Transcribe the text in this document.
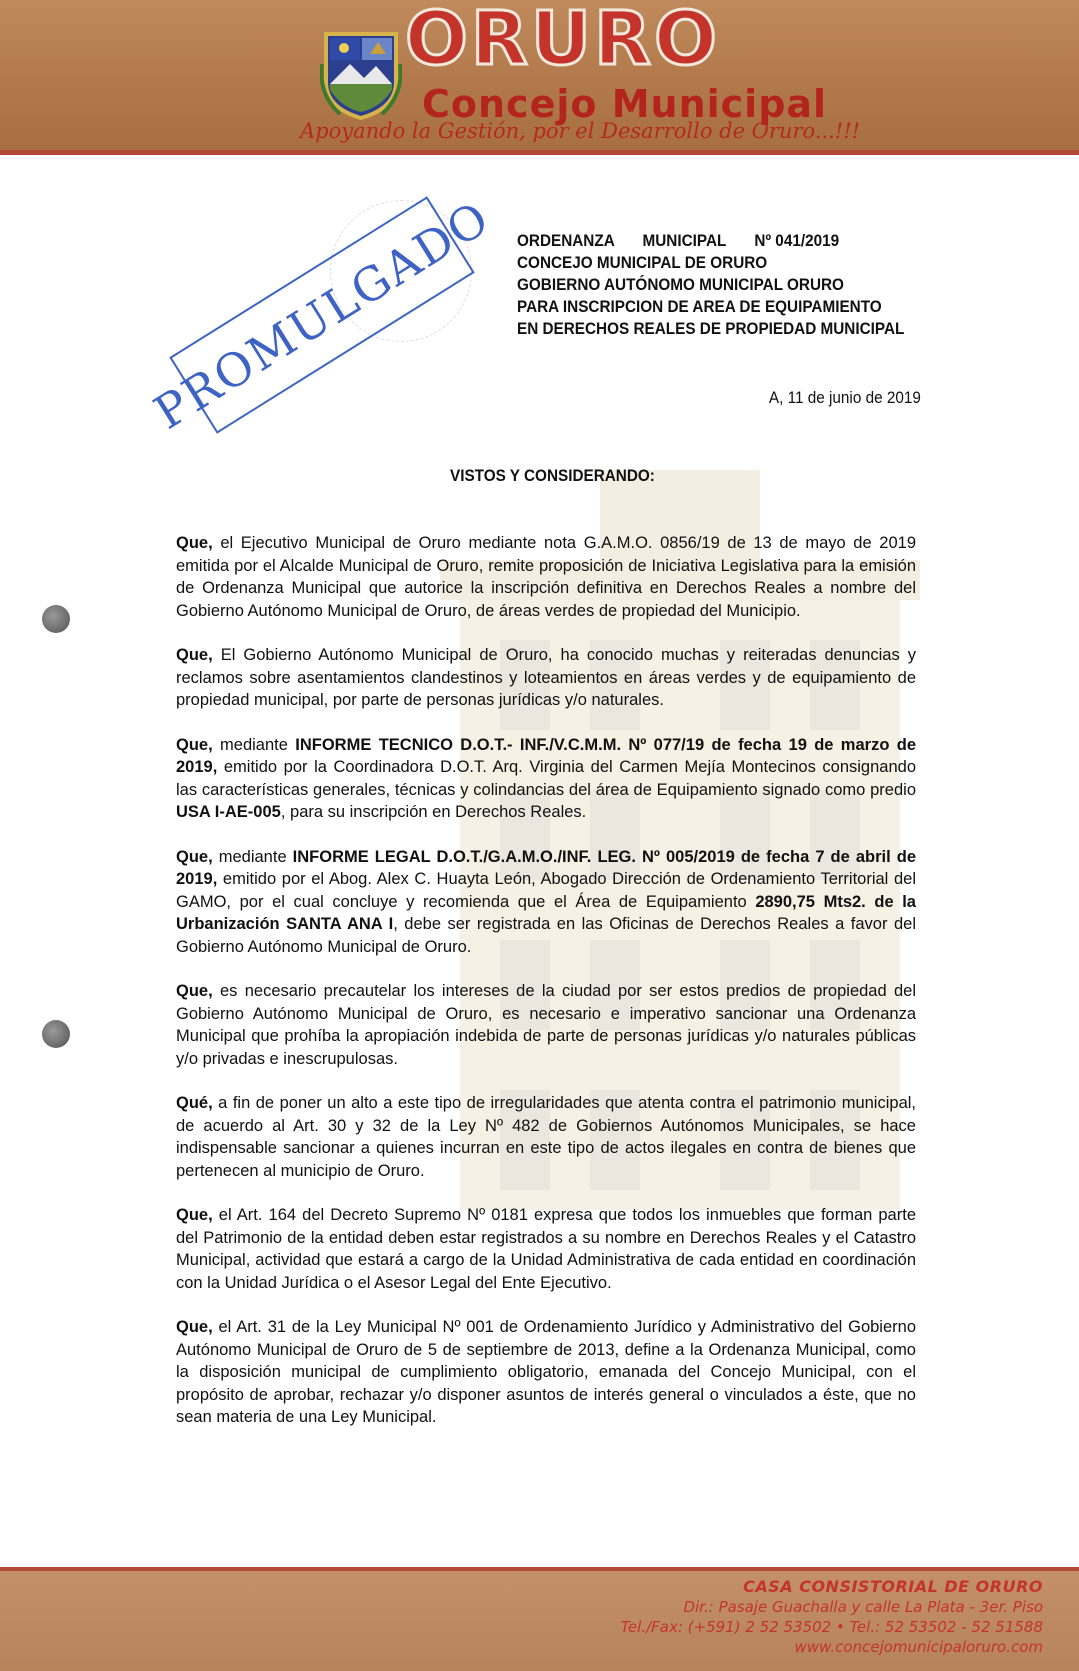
ORURO
Concejo Municipal
Apoyando la Gestión, por el Desarrollo de Oruro...!!!
PROMULGADO ORDENANZA MUNICIPAL Nº 041/2019
CONCEJO MUNICIPAL DE ORURO
GOBIERNO AUTÓNOMO MUNICIPAL ORURO
PARA INSCRIPCION DE AREA DE EQUIPAMIENTO
EN DERECHOS REALES DE PROPIEDAD MUNICIPAL
A, 11 de junio de 2019
VISTOS Y CONSIDERANDO:

Que, el Ejecutivo Municipal de Oruro mediante nota G.A.M.O. 0856/19 de 13 de mayo de 2019 emitida por el Alcalde Municipal de Oruro, remite proposición de Iniciativa Legislativa para la emisión de Ordenanza Municipal que autorice la inscripción definitiva en Derechos Reales a nombre del Gobierno Autónomo Municipal de Oruro, de áreas verdes de propiedad del Municipio.

Que, El Gobierno Autónomo Municipal de Oruro, ha conocido muchas y reiteradas denuncias y reclamos sobre asentamientos clandestinos y loteamientos en áreas verdes y de equipamiento de propiedad municipal, por parte de personas jurídicas y/o naturales.

Que, mediante INFORME TECNICO D.O.T.- INF./V.C.M.M. Nº 077/19 de fecha 19 de marzo de 2019, emitido por la Coordinadora D.O.T. Arq. Virginia del Carmen Mejía Montecinos consignando las características generales, técnicas y colindancias del área de Equipamiento signado como predio USA I-AE-005, para su inscripción en Derechos Reales.

Que, mediante INFORME LEGAL D.O.T./G.A.M.O./INF. LEG. Nº 005/2019 de fecha 7 de abril de 2019, emitido por el Abog. Alex C. Huayta León, Abogado Dirección de Ordenamiento Territorial del GAMO, por el cual concluye y recomienda que el Área de Equipamiento 2890,75 Mts2. de la Urbanización SANTA ANA I, debe ser registrada en las Oficinas de Derechos Reales a favor del Gobierno Autónomo Municipal de Oruro.

Que, es necesario precautelar los intereses de la ciudad por ser estos predios de propiedad del Gobierno Autónomo Municipal de Oruro, es necesario e imperativo sancionar una Ordenanza Municipal que prohíba la apropiación indebida de parte de personas jurídicas y/o naturales públicas y/o privadas e inescrupulosas.

Qué, a fin de poner un alto a este tipo de irregularidades que atenta contra el patrimonio municipal, de acuerdo al Art. 30 y 32 de la Ley Nº 482 de Gobiernos Autónomos Municipales, se hace indispensable sancionar a quienes incurran en este tipo de actos ilegales en contra de bienes que pertenecen al municipio de Oruro.

Que, el Art. 164 del Decreto Supremo Nº 0181 expresa que todos los inmuebles que forman parte del Patrimonio de la entidad deben estar registrados a su nombre en Derechos Reales y el Catastro Municipal, actividad que estará a cargo de la Unidad Administrativa de cada entidad en coordinación con la Unidad Jurídica o el Asesor Legal del Ente Ejecutivo.

Que, el Art. 31 de la Ley Municipal Nº 001 de Ordenamiento Jurídico y Administrativo del Gobierno Autónomo Municipal de Oruro de 5 de septiembre de 2013, define a la Ordenanza Municipal, como la disposición municipal de cumplimiento obligatorio, emanada del Concejo Municipal, con el propósito de aprobar, rechazar y/o disponer asuntos de interés general o vinculados a éste, que no sean materia de una Ley Municipal.

CASA CONSISTORIAL DE ORURO
Dir.: Pasaje Guachalla y calle La Plata - 3er. Piso
Tel./Fax: (+591) 2 52 53502 • Tel.: 52 53502 - 52 51588
www.concejomunicipaloruro.com
